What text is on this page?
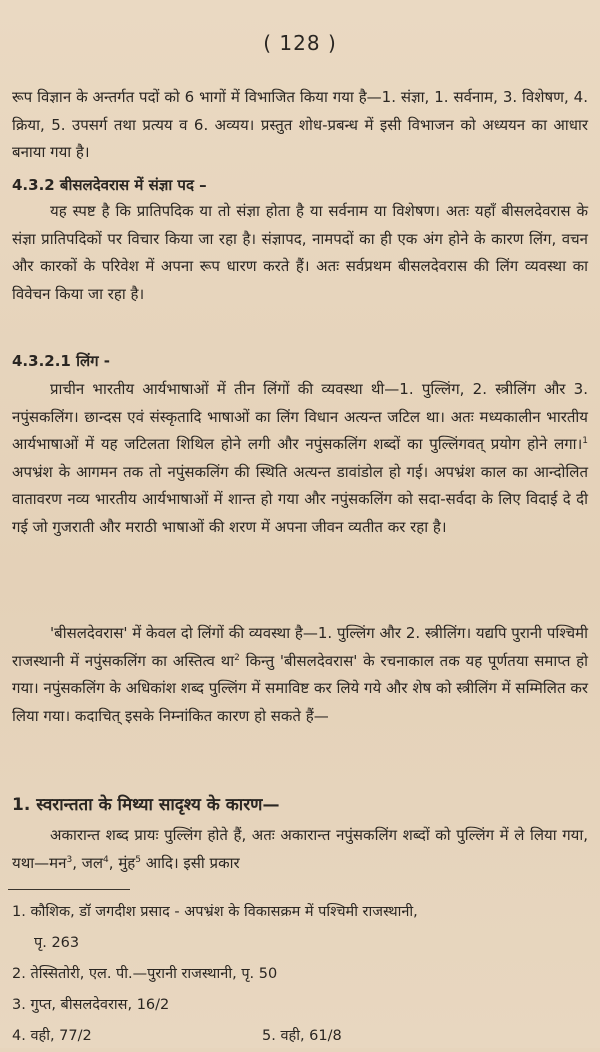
( 128 )
रूप विज्ञान के अन्तर्गत पदों को 6 भागों में विभाजित किया गया है—1. संज्ञा, 1. सर्वनाम, 3. विशेषण, 4. क्रिया, 5. उपसर्ग तथा प्रत्यय व 6. अव्यय। प्रस्तुत शोध-प्रबन्ध में इसी विभाजन को अध्ययन का आधार बनाया गया है।
4.3.2 बीसलदेवरास में संज्ञा पद –
यह स्पष्ट है कि प्रातिपदिक या तो संज्ञा होता है या सर्वनाम या विशेषण। अतः यहाँ बीसलदेवरास के संज्ञा प्रातिपदिकों पर विचार किया जा रहा है। संज्ञापद, नामपदों का ही एक अंग होने के कारण लिंग, वचन और कारकों के परिवेश में अपना रूप धारण करते हैं। अतः सर्वप्रथम बीसलदेवरास की लिंग व्यवस्था का विवेचन किया जा रहा है।
4.3.2.1 लिंग -
प्राचीन भारतीय आर्यभाषाओं में तीन लिंगों की व्यवस्था थी—1. पुल्लिंग, 2. स्त्रीलिंग और 3. नपुंसकलिंग। छान्दस एवं संस्कृतादि भाषाओं का लिंग विधान अत्यन्त जटिल था। अतः मध्यकालीन भारतीय आर्यभाषाओं में यह जटिलता शिथिल होने लगी और नपुंसकलिंग शब्दों का पुल्लिंगवत् प्रयोग होने लगा।$^1$ अपभ्रंश के आगमन तक तो नपुंसकलिंग की स्थिति अत्यन्त डावांडोल हो गई। अपभ्रंश काल का आन्दोलित वातावरण नव्य भारतीय आर्यभाषाओं में शान्त हो गया और नपुंसकलिंग को सदा-सर्वदा के लिए विदाई दे दी गई जो गुजराती और मराठी भाषाओं की शरण में अपना जीवन व्यतीत कर रहा है।
'बीसलदेवरास' में केवल दो लिंगों की व्यवस्था है—1. पुल्लिंग और 2. स्त्रीलिंग। यद्यपि पुरानी पश्चिमी राजस्थानी में नपुंसकलिंग का अस्तित्व था$^2$ किन्तु 'बीसलदेवरास' के रचनाकाल तक यह पूर्णतया समाप्त हो गया। नपुंसकलिंग के अधिकांश शब्द पुल्लिंग में समाविष्ट कर लिये गये और शेष को स्त्रीलिंग में सम्मिलित कर लिया गया। कदाचित् इसके निम्नांकित कारण हो सकते हैं—
1. स्वरान्तता के मिथ्या सादृश्य के कारण—
अकारान्त शब्द प्रायः पुल्लिंग होते हैं, अतः अकारान्त नपुंसकलिंग शब्दों को पुल्लिंग में ले लिया गया, यथा—मन$^3$, जल$^4$, मुंह$^5$ आदि। इसी प्रकार
1. कौशिक, डॉ जगदीश प्रसाद - अपभ्रंश के विकासक्रम में पश्चिमी राजस्थानी,
पृ. 263
2. तेस्सितोरी, एल. पी.—पुरानी राजस्थानी, पृ. 50
3. गुप्त, बीसलदेवरास, 16/2
4. वही, 77/2	5. वही, 61/8
